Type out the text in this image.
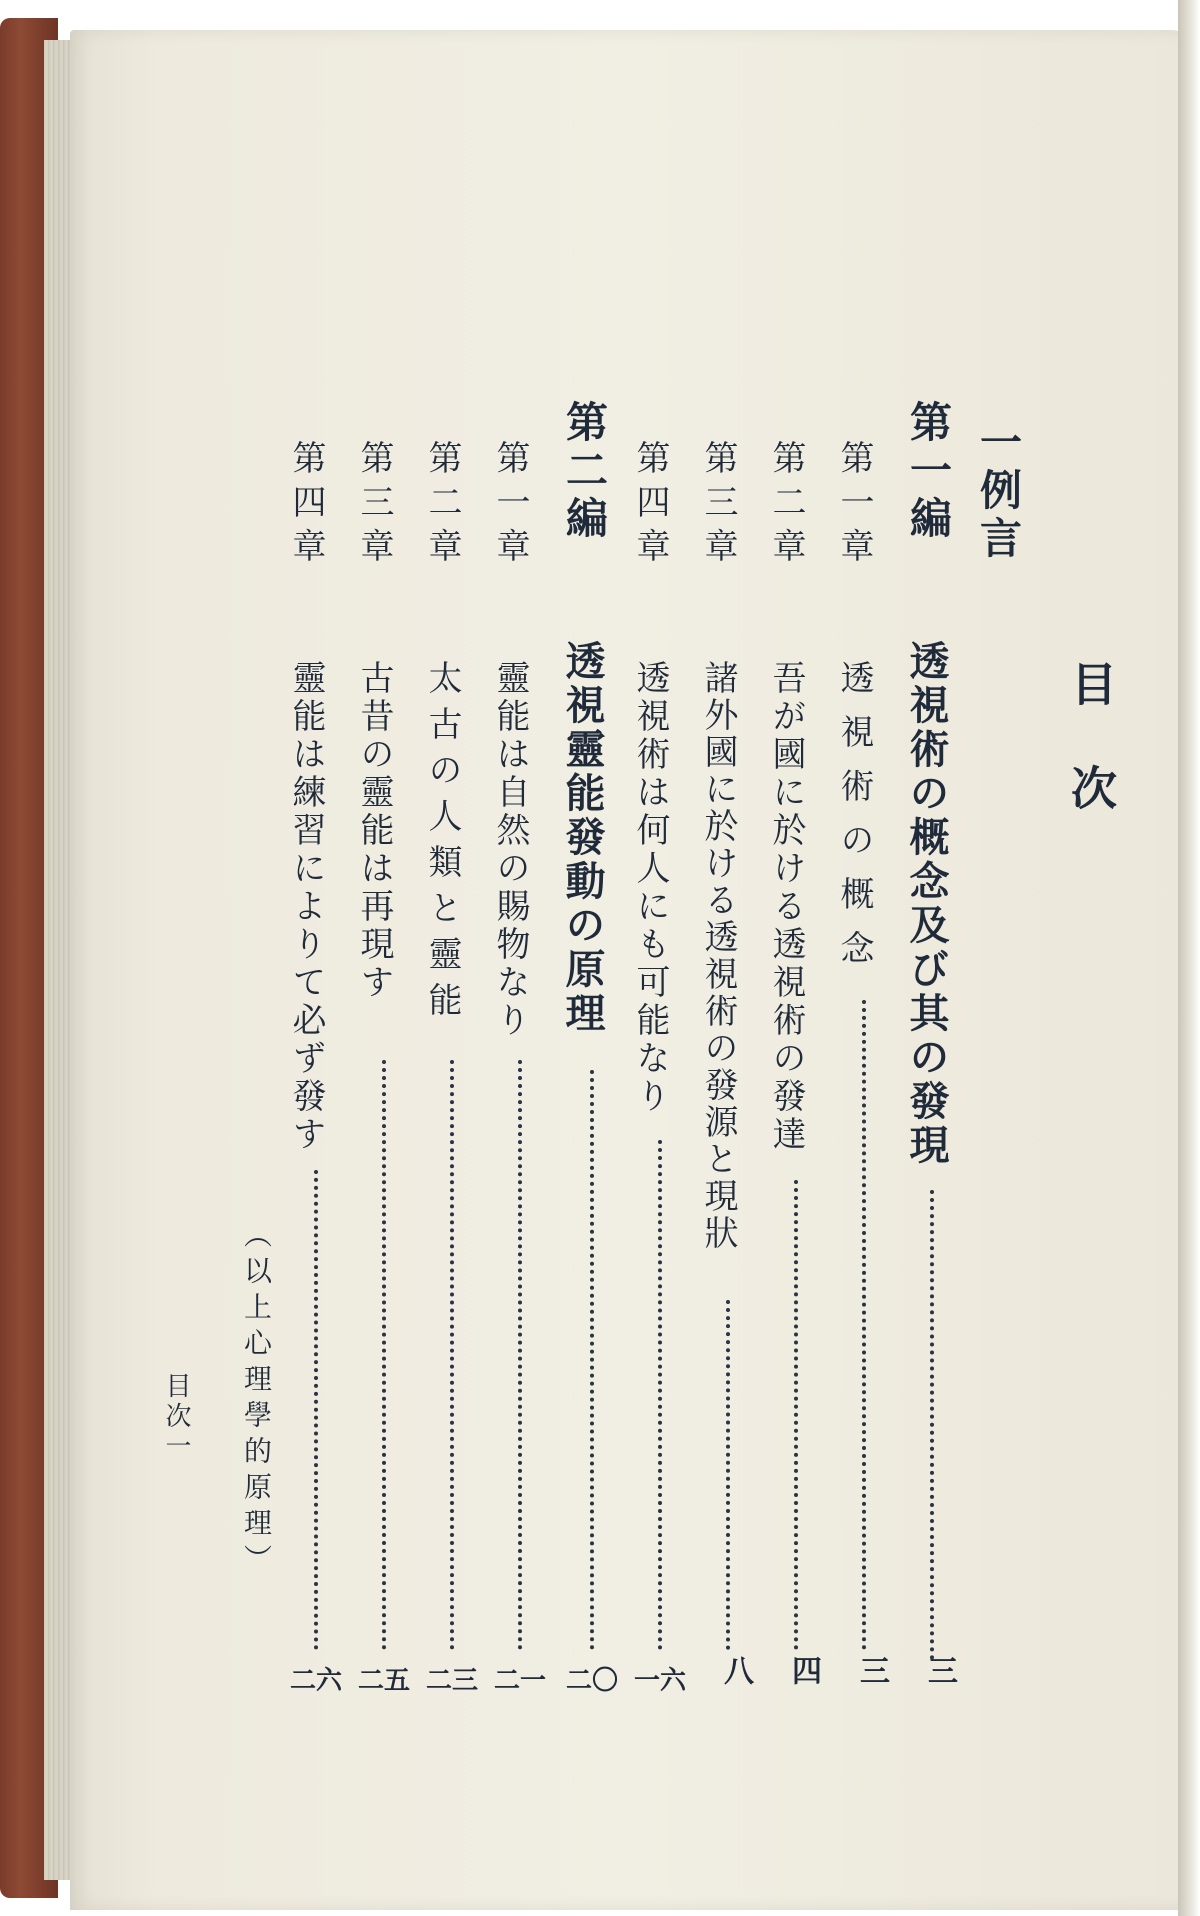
目次
一例言
第一編
透視術の概念及び其の發現
三
第一章
透視術の概念
三
第二章
吾が國に於ける透視術の發達
四
第三章
諸外國に於ける透視術の發源と現狀
八
第四章
透視術は何人にも可能なり
一六
第二編
透視靈能發動の原理
二〇
第一章
靈能は自然の賜物なり
二一
第二章
太古の人類と靈能
二三
第三章
古昔の靈能は再現す
二五
第四章
靈能は練習によりて必ず發す
二六
（以上心理學的原理）
目次一
